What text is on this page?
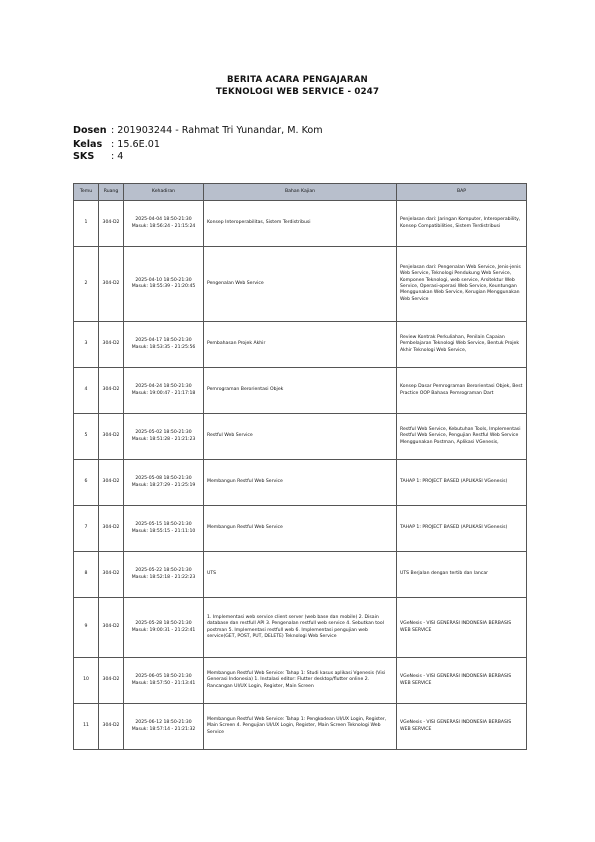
BERITA ACARA PENGAJARAN
TEKNOLOGI WEB SERVICE - 0247
Dosen : 201903244 - Rahmat Tri Yunandar, M. Kom
Kelas : 15.6E.01
SKS : 4
Temu	Ruang	Kehadiran	Bahan Kajian	BAP
1	304-D2	2025-04-04 18:50-21:30 Masuk: 18:56:24 - 21:15:24	Konsep Interoperabilitas, Sistem Terdistribusi	Penjelasan dari: Jaringan Komputer, Interoperability, Konsep Compatibilities, Sistem Terdistribusi
2	304-D2	2025-04-10 18:50-21:30 Masuk: 18:55:39 - 21:20:45	Pengenalan Web Service	Penjelasan dari: Pengenalan Web Service, Jenis-jenis Web Service, Teknologi Pendukung Web Service, Komponen Teknologi, web service, Arsitektur Web Service, Operasi-operasi Web Service, Keuntungan Menggunakan Web Service, Kerugian Menggunakan Web Service
3	304-D2	2025-04-17 18:50-21:30 Masuk: 18:53:35 - 21:25:56	Pembahasan Projek Akhir	Review Kontrak Perkuliahan, Penilain Capaian Pembelajaran Teknologi Web Service, Bentuk Projek Akhir Teknologi Web Service,
4	304-D2	2025-04-24 18:50-21:30 Masuk: 19:00:47 - 21:17:18	Pemrograman Berorientasi Objek	Konsep Dasar Pemrograman Berorientasi Objek, Best Practice OOP Bahasa Pemrograman Dart
5	304-D2	2025-05-02 18:50-21:30 Masuk: 18:51:28 - 21:21:23	Restful Web Service	Restful Web Service, Kebutuhan Tools, Implementasi Restful Web Service, Pengujian Restful Web Service Menggunakan Postman, Aplikasi VGenesis,
6	304-D2	2025-05-08 18:50-21:30 Masuk: 18:27:29 - 21:25:19	Membangun Restful Web Service	TAHAP 1: PROJECT BASED (APLIKASI VGenesis)
7	304-D2	2025-05-15 18:50-21:30 Masuk: 18:55:15 - 21:11:10	Membangun Restful Web Service	TAHAP 1: PROJECT BASED (APLIKASI VGenesis)
8	304-D2	2025-05-22 18:50-21:30 Masuk: 18:52:18 - 21:22:23	UTS	UTS Berjalan dengan tertib dan lancar
9	304-D2	2025-05-28 18:50-21:30 Masuk: 19:00:31 - 21:22:41	1. Implementasi web service client server (web base dan mobile) 2. Disain database dan restfull API 3. Pengenalan restfull web service 4. Sebutkan tool postman 5. Implementasi restfull web 6. Implementasi pengujian web service(GET, POST, PUT, DELETE) Teknologi Web Service	VGeNesis - VISI GENERASI INDONESIA BERBASIS WEB SERVICE
10	304-D2	2025-06-05 18:50-21:30 Masuk: 18:57:50 - 21:13:41	Membangun Restful Web Service: Tahap 1: Studi kasus aplikasi Vgenesis (Visi Generasi Indonesia) 1. Instalasi editor: Flutter desktop/flutter online 2. Rancangan UI/UX Login, Register, Main Screen	VGeNesis - VISI GENERASI INDONESIA BERBASIS WEB SERVICE
11	304-D2	2025-06-12 18:50-21:30 Masuk: 18:57:14 - 21:21:32	Membangun Restful Web Service: Tahap 1: Pengkodean UI/UX Login, Register, Main Screen 4. Pengujian UI/UX Login, Register, Main Screen Teknologi Web Service	VGeNesis - VISI GENERASI INDONESIA BERBASIS WEB SERVICE
